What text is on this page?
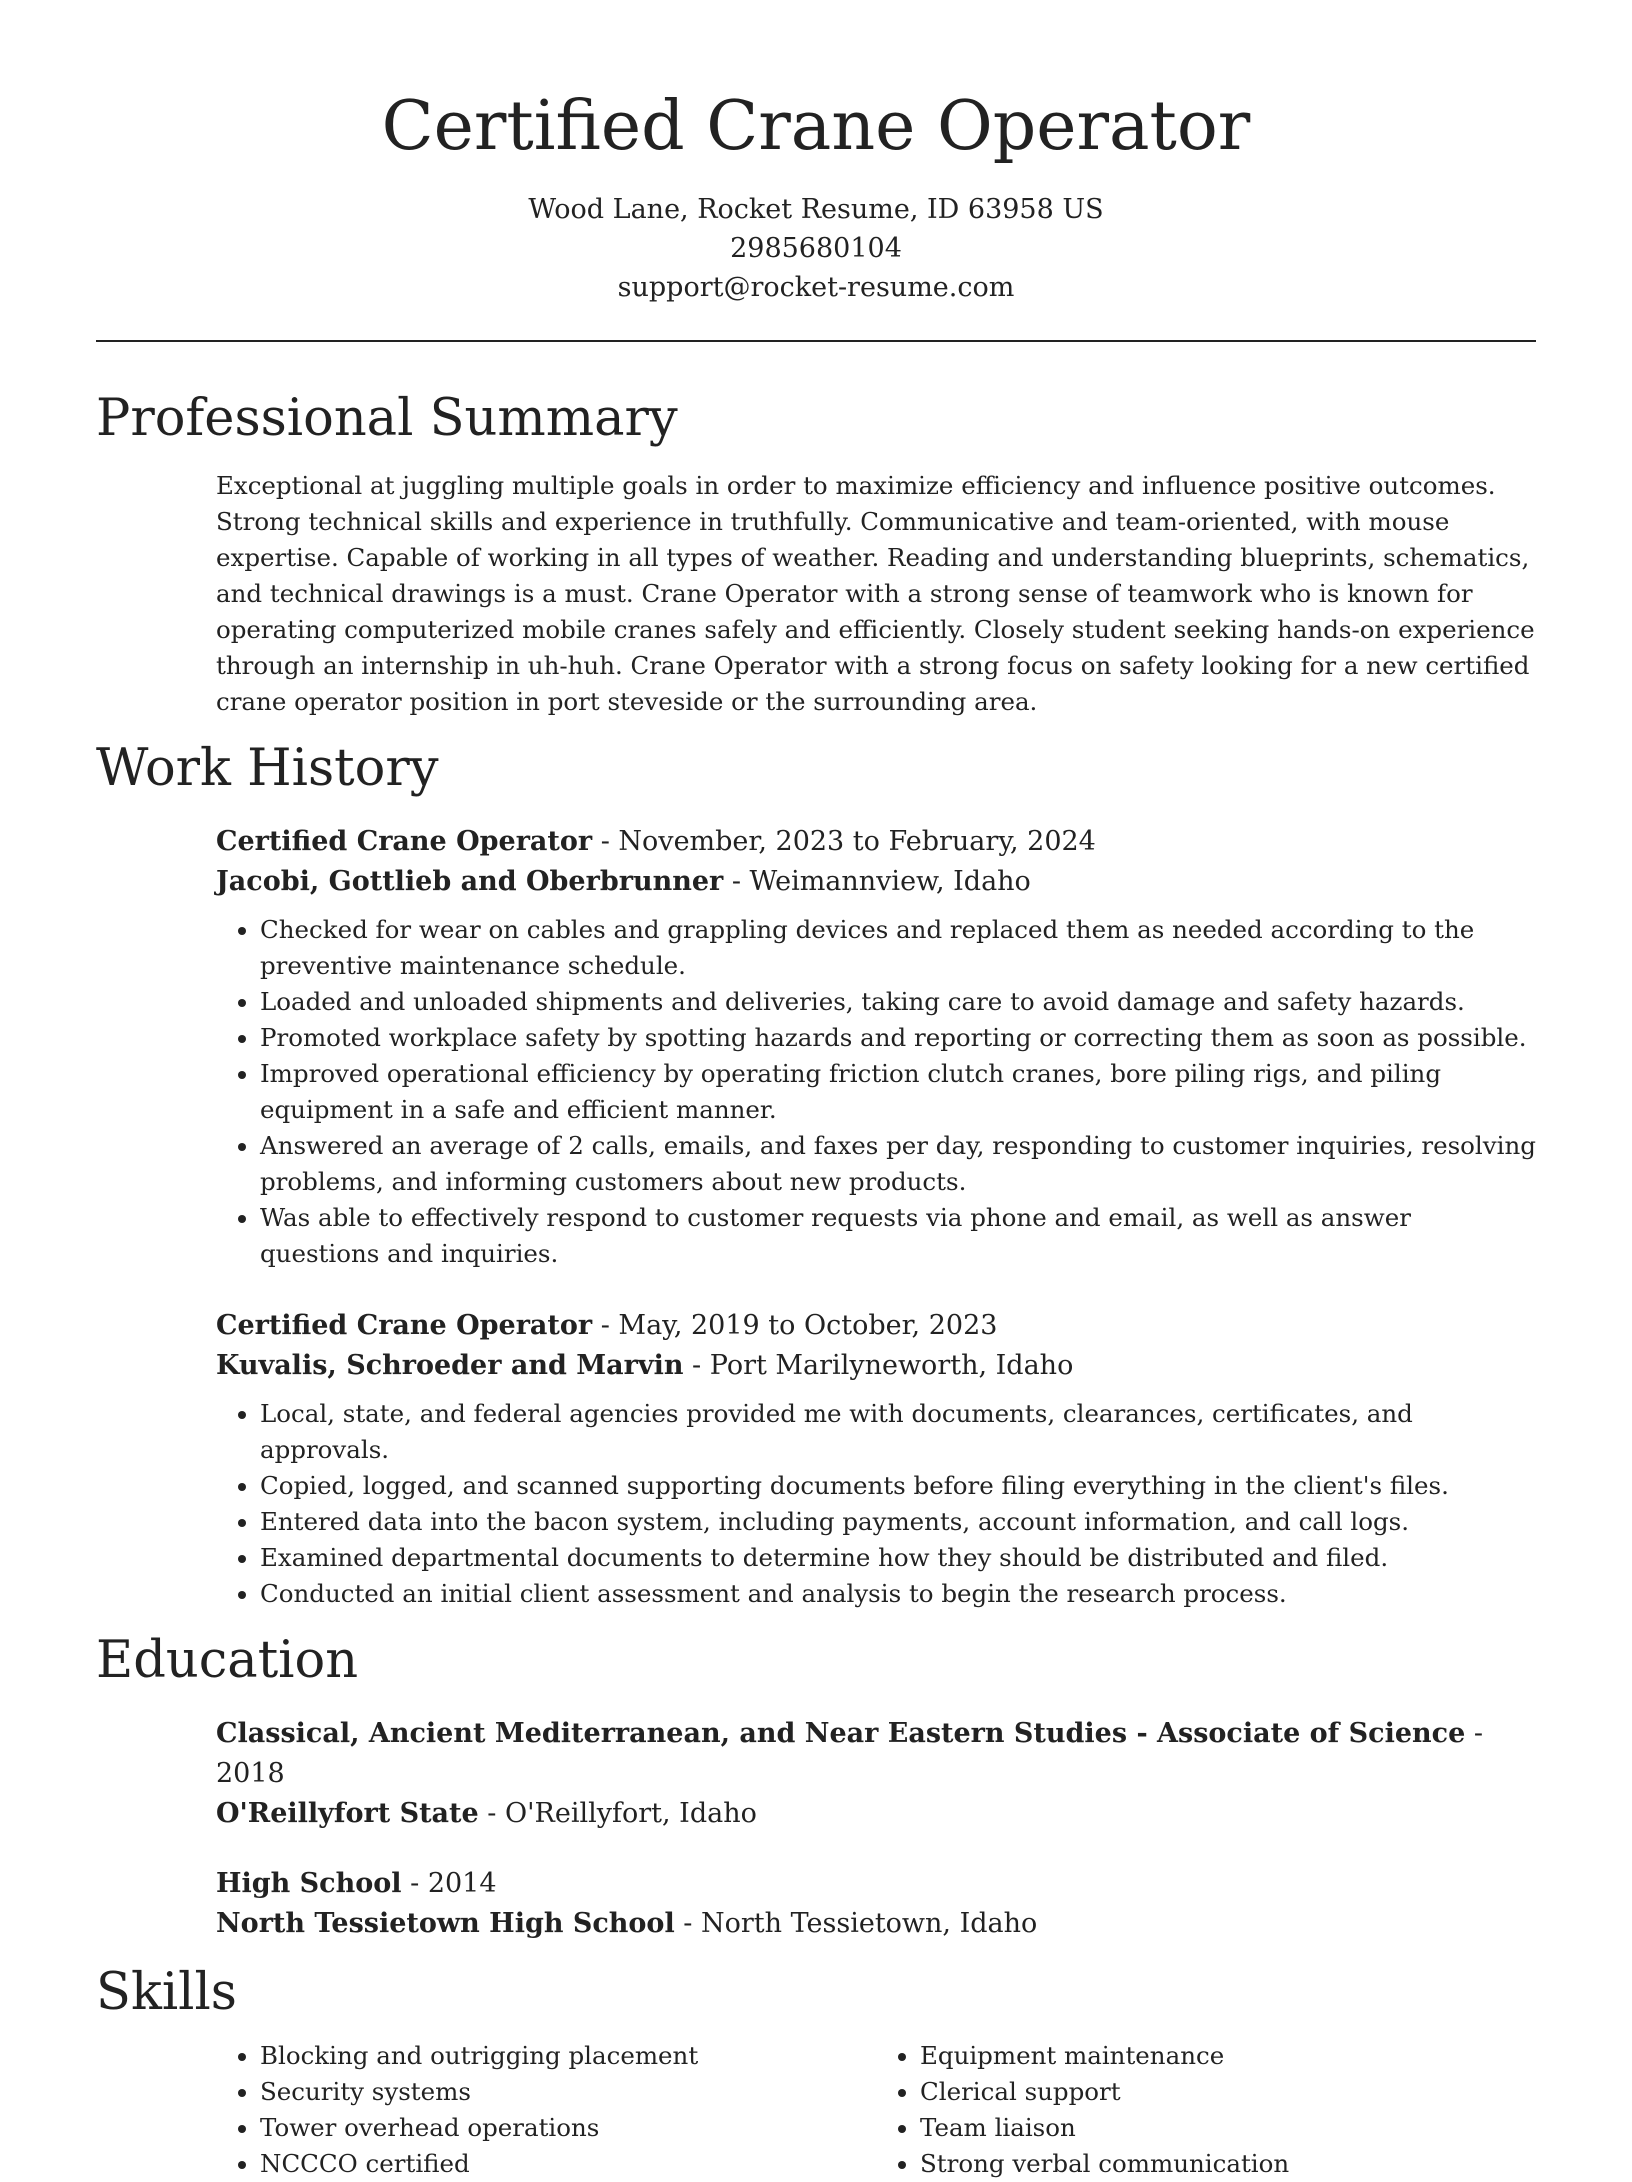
Certified Crane Operator
Wood Lane, Rocket Resume, ID 63958 US
2985680104
support@rocket-resume.com
Professional Summary
Exceptional at juggling multiple goals in order to maximize efficiency and influence positive outcomes. Strong technical skills and experience in truthfully. Communicative and team-oriented, with mouse expertise. Capable of working in all types of weather. Reading and understanding blueprints, schematics, and technical drawings is a must. Crane Operator with a strong sense of teamwork who is known for operating computerized mobile cranes safely and efficiently. Closely student seeking hands-on experience through an internship in uh-huh. Crane Operator with a strong focus on safety looking for a new certified crane operator position in port steveside or the surrounding area.
Work History
Certified Crane Operator - November, 2023 to February, 2024
Jacobi, Gottlieb and Oberbrunner - Weimannview, Idaho
• Checked for wear on cables and grappling devices and replaced them as needed according to the preventive maintenance schedule.
• Loaded and unloaded shipments and deliveries, taking care to avoid damage and safety hazards.
• Promoted workplace safety by spotting hazards and reporting or correcting them as soon as possible.
• Improved operational efficiency by operating friction clutch cranes, bore piling rigs, and piling equipment in a safe and efficient manner.
• Answered an average of 2 calls, emails, and faxes per day, responding to customer inquiries, resolving problems, and informing customers about new products.
• Was able to effectively respond to customer requests via phone and email, as well as answer questions and inquiries.
Certified Crane Operator - May, 2019 to October, 2023
Kuvalis, Schroeder and Marvin - Port Marilyneworth, Idaho
• Local, state, and federal agencies provided me with documents, clearances, certificates, and approvals.
• Copied, logged, and scanned supporting documents before filing everything in the client's files.
• Entered data into the bacon system, including payments, account information, and call logs.
• Examined departmental documents to determine how they should be distributed and filed.
• Conducted an initial client assessment and analysis to begin the research process.
Education
Classical, Ancient Mediterranean, and Near Eastern Studies - Associate of Science - 2018
O'Reillyfort State - O'Reillyfort, Idaho
High School - 2014
North Tessietown High School - North Tessietown, Idaho
Skills
• Blocking and outrigging placement
• Security systems
• Tower overhead operations
• NCCCO certified
• Equipment maintenance
• Clerical support
• Team liaison
• Strong verbal communication
